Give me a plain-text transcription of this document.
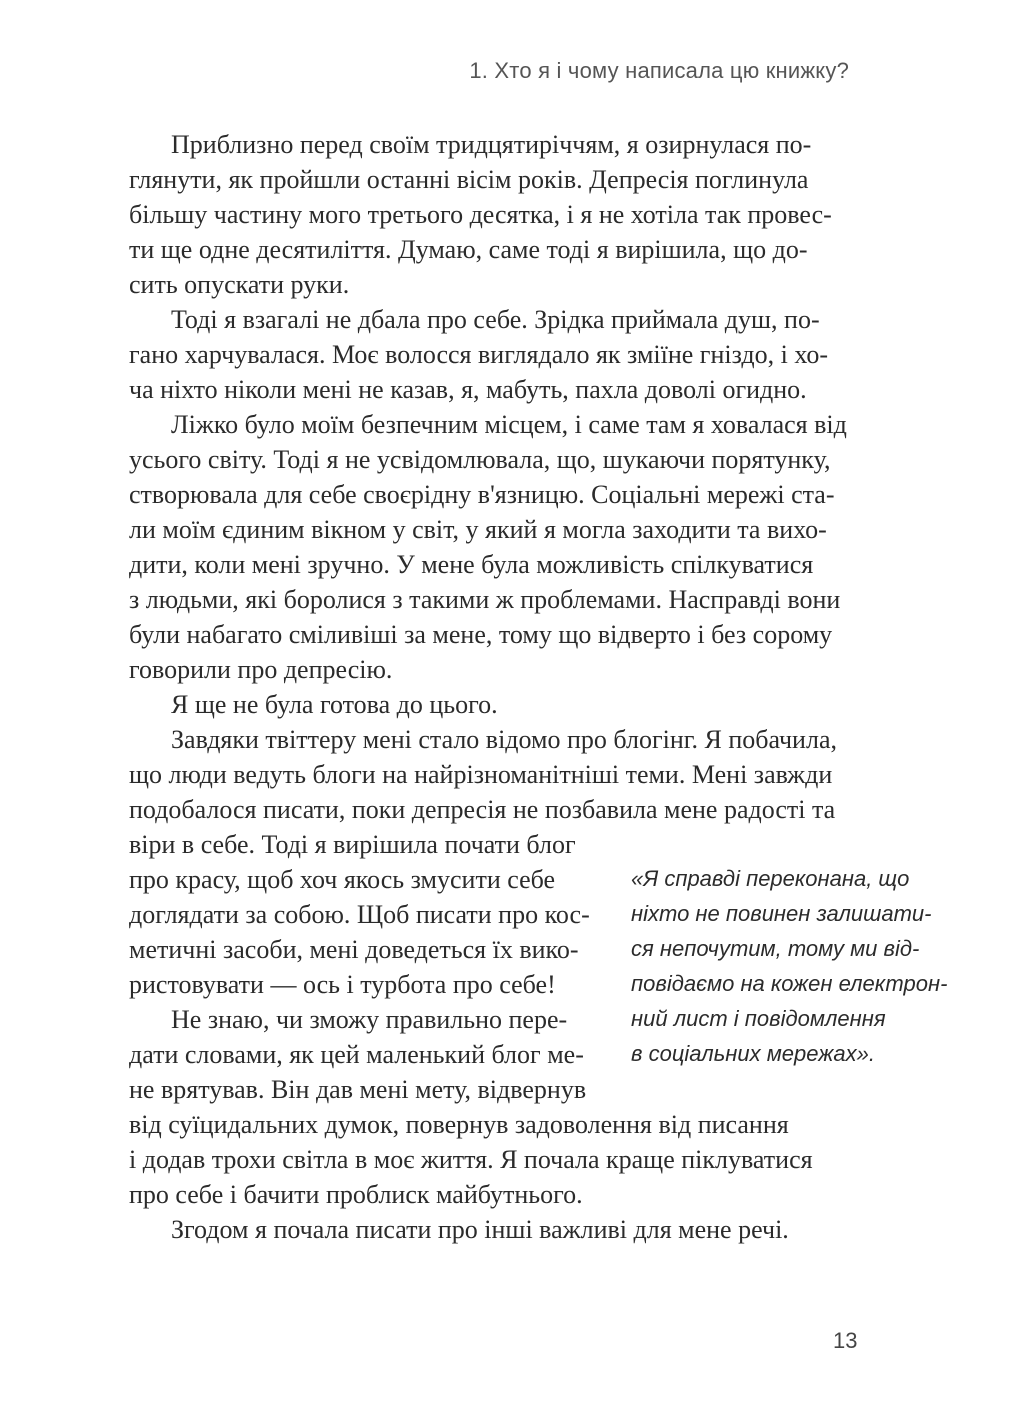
1. Хто я і чому написала цю книжку?
Приблизно перед своїм тридцятиріччям, я озирнулася по-
глянути, як пройшли останні вісім років. Депресія поглинула
більшу частину мого третього десятка, і я не хотіла так провес-
ти ще одне десятиліття. Думаю, саме тоді я вирішила, що до-
сить опускати руки.
Тоді я взагалі не дбала про себе. Зрідка приймала душ, по-
гано харчувалася. Моє волосся виглядало як зміїне гніздо, і хо-
ча ніхто ніколи мені не казав, я, мабуть, пахла доволі огидно.
Ліжко було моїм безпечним місцем, і саме там я ховалася від
усього світу. Тоді я не усвідомлювала, що, шукаючи порятунку,
створювала для себе своєрідну в'язницю. Соціальні мережі ста-
ли моїм єдиним вікном у світ, у який я могла заходити та вихо-
дити, коли мені зручно. У мене була можливість спілкуватися
з людьми, які боролися з такими ж проблемами. Насправді вони
були набагато сміливіші за мене, тому що відверто і без сорому
говорили про депресію.
Я ще не була готова до цього.
Завдяки твіттеру мені стало відомо про блогінг. Я побачила,
що люди ведуть блоги на найрізноманітніші теми. Мені завжди
подобалося писати, поки депресія не позбавила мене радості та
віри в себе. Тоді я вирішила почати блог
про красу, щоб хоч якось змусити себе
доглядати за собою. Щоб писати про кос-
метичні засоби, мені доведеться їх вико-
ристовувати — ось і турбота про себе!
Не знаю, чи зможу правильно пере-
дати словами, як цей маленький блог ме-
не врятував. Він дав мені мету, відвернув
від суїцидальних думок, повернув задоволення від писання
і додав трохи світла в моє життя. Я почала краще піклуватися
про себе і бачити проблиск майбутнього.
Згодом я почала писати про інші важливі для мене речі.
«Я справді переконана, що
ніхто не повинен залишати-
ся непочутим, тому ми від-
повідаємо на кожен електрон-
ний лист і повідомлення
в соціальних мережах».
13
